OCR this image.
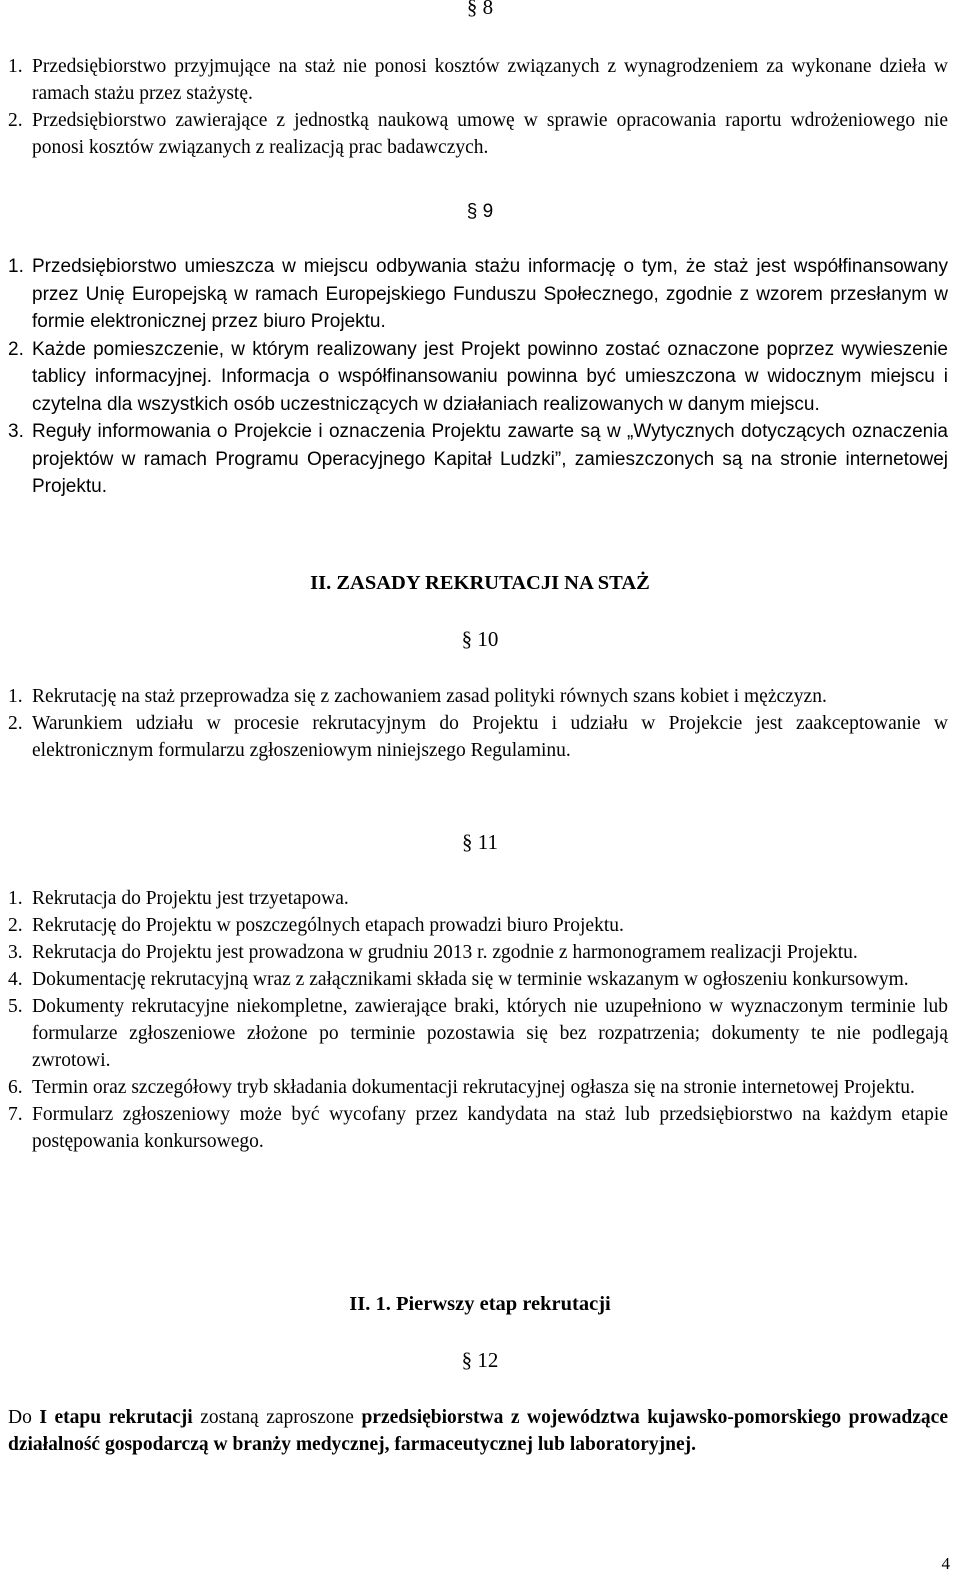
§ 8
1. Przedsiębiorstwo przyjmujące na staż nie ponosi kosztów związanych z wynagrodzeniem za wykonane dzieła w ramach stażu przez stażystę.
2. Przedsiębiorstwo zawierające z jednostką naukową umowę w sprawie opracowania raportu wdrożeniowego nie ponosi kosztów związanych z realizacją prac badawczych.
§ 9
1. Przedsiębiorstwo umieszcza w miejscu odbywania stażu informację o tym, że staż jest współfinansowany przez Unię Europejską w ramach Europejskiego Funduszu Społecznego, zgodnie z wzorem przesłanym w formie elektronicznej przez biuro Projektu.
2. Każde pomieszczenie, w którym realizowany jest Projekt powinno zostać oznaczone poprzez wywieszenie tablicy informacyjnej. Informacja o współfinansowaniu powinna być umieszczona w widocznym miejscu i czytelna dla wszystkich osób uczestniczących w działaniach realizowanych w danym miejscu.
3. Reguły informowania o Projekcie i oznaczenia Projektu zawarte są w „Wytycznych dotyczących oznaczenia projektów w ramach Programu Operacyjnego Kapitał Ludzki”, zamieszczonych są na stronie internetowej Projektu.
II. ZASADY REKRUTACJI NA STAŻ
§ 10
1. Rekrutację na staż przeprowadza się z zachowaniem zasad polityki równych szans kobiet i mężczyzn.
2. Warunkiem udziału w procesie rekrutacyjnym do Projektu i udziału w Projekcie jest zaakceptowanie w elektronicznym formularzu zgłoszeniowym niniejszego Regulaminu.
§ 11
1. Rekrutacja do Projektu jest trzyetapowa.
2. Rekrutację do Projektu w poszczególnych etapach prowadzi biuro Projektu.
3. Rekrutacja do Projektu jest prowadzona w grudniu 2013 r. zgodnie z harmonogramem realizacji Projektu.
4. Dokumentację rekrutacyjną wraz z załącznikami składa się w terminie wskazanym w ogłoszeniu konkursowym.
5. Dokumenty rekrutacyjne niekompletne, zawierające braki, których nie uzupełniono w wyznaczonym terminie lub formularze zgłoszeniowe złożone po terminie pozostawia się bez rozpatrzenia; dokumenty te nie podlegają zwrotowi.
6. Termin oraz szczegółowy tryb składania dokumentacji rekrutacyjnej ogłasza się na stronie internetowej Projektu.
7. Formularz zgłoszeniowy może być wycofany przez kandydata na staż lub przedsiębiorstwo na każdym etapie postępowania konkursowego.
II. 1. Pierwszy etap rekrutacji
§ 12

Do I etapu rekrutacji zostaną zaproszone przedsiębiorstwa z województwa kujawsko-pomorskiego prowadzące działalność gospodarczą w branży medycznej, farmaceutycznej lub laboratoryjnej.

4
